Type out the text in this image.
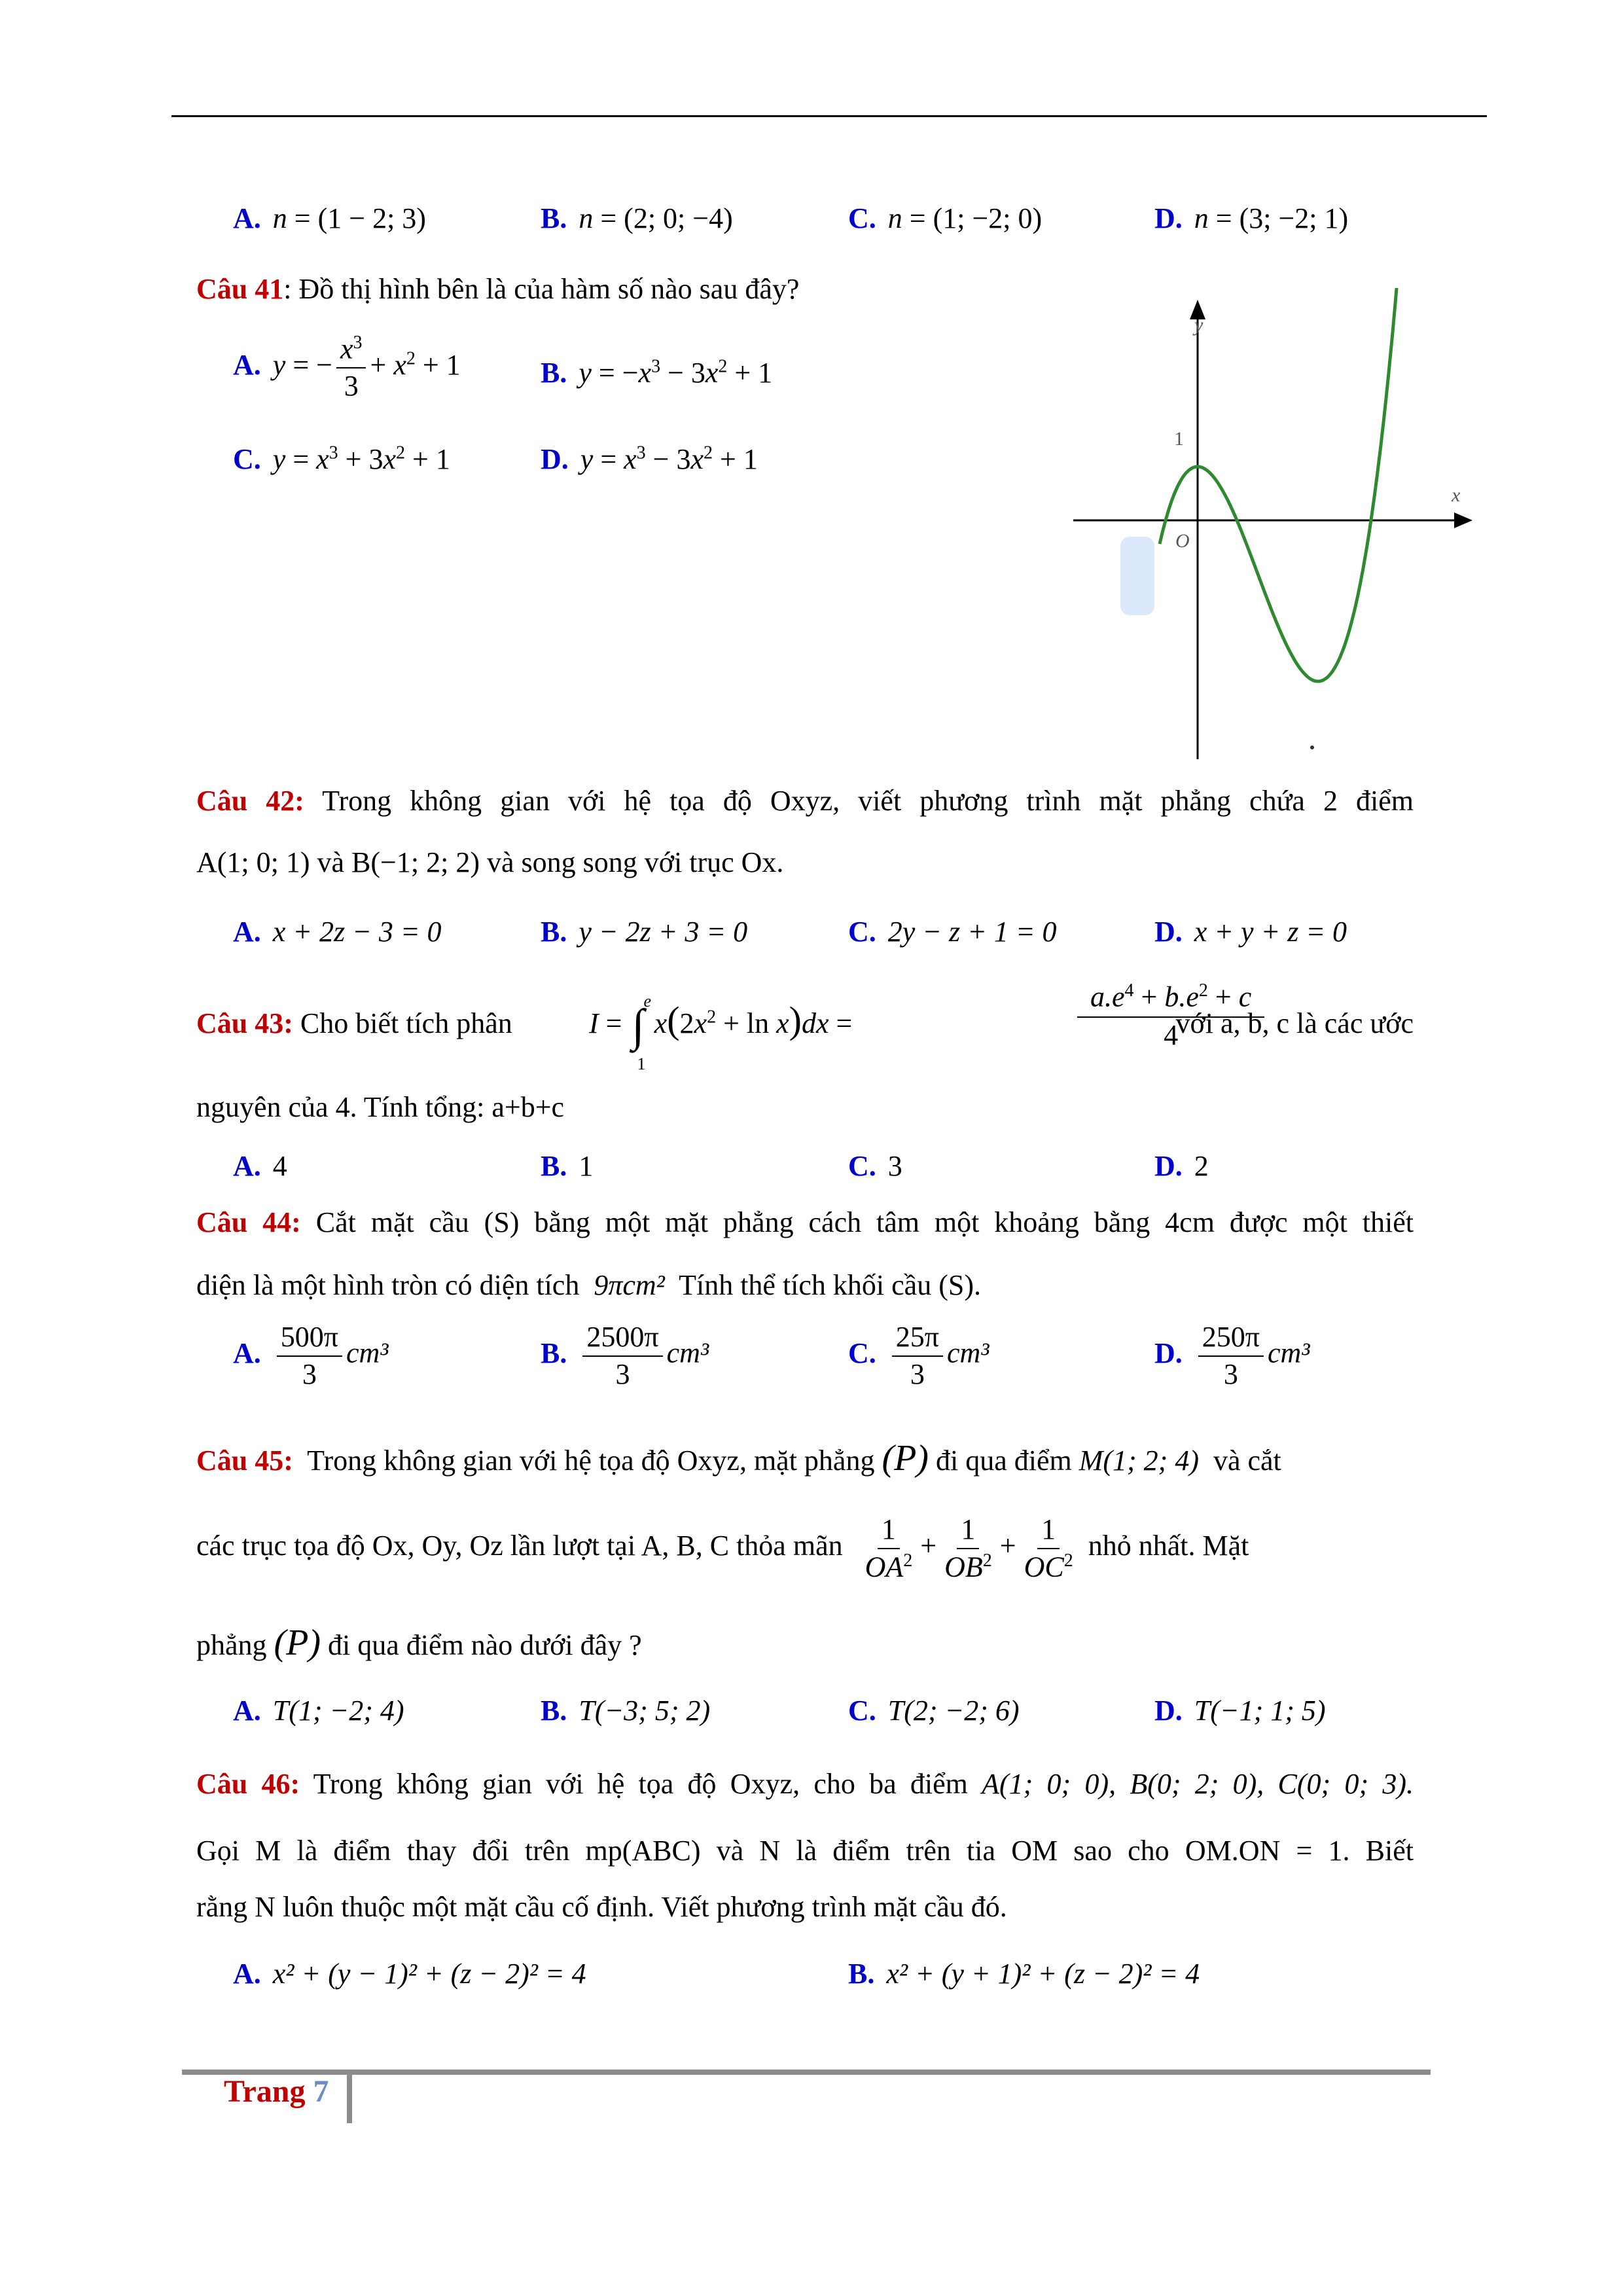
A. n = (1 − 2; 3)	B. n = (2; 0; −4)	C. n = (1; −2; 0)	D. n = (3; −2; 1)
Câu 41: Đồ thị hình bên là của hàm số nào sau đây?
A. y = − $\frac{x^3}{3} + x^2 + 1$	B. $y = -x^3 - 3x^2 + 1$
C. $y = x^3 + 3x^2 + 1$	D. $y = x^3 - 3x^2 + 1$
y
x
O
1
Câu 42: Trong không gian với hệ tọa độ Oxyz, viết phương trình mặt phẳng chứa 2 điểm
A(1; 0; 1) và B(−1; 2; 2) và song song với trục Ox.
A. x + 2z − 3 = 0	B. y − 2z + 3 = 0	C. 2y − z + 1 = 0	D. x + y + z = 0
Câu 43: Cho biết tích phân	I = ∫
e
1
$x(2x^2 + \ln x)dx$ =	$\frac{a.e^4 + b.e^2 + c}{4}$
với a, b, c là các ước
nguyên của 4. Tính tổng: a+b+c
A. 4	B. 1	C. 3	D. 2
Câu 44: Cắt mặt cầu (S) bằng một mặt phẳng cách tâm một khoảng bằng 4cm được một thiết
diện là một hình tròn có diện tích 9πcm² Tính thể tích khối cầu (S).
A. $\frac{500\pi}{3} cm^3$	B. $\frac{2500\pi}{3} cm^3$	C. $\frac{25\pi}{3} cm^3$	D. $\frac{250\pi}{3} cm^3$
Câu 45: Trong không gian với hệ tọa độ Oxyz, mặt phẳng (P) đi qua điểm M(1; 2; 4) và cắt
các trục tọa độ Ox, Oy, Oz lần lượt tại A, B, C thỏa mãn $\frac{1}{OA^2} + \frac{1}{OB^2} + \frac{1}{OC^2}$ nhỏ nhất. Mặt
phẳng (P) đi qua điểm nào dưới đây ?
A. T(1; −2; 4)	B. T(−3; 5; 2)	C. T(2; −2; 6)	D. T(−1; 1; 5)
Câu 46: Trong không gian với hệ tọa độ Oxyz, cho ba điểm A(1; 0; 0), B(0; 2; 0), C(0; 0; 3).
Gọi M là điểm thay đổi trên mp(ABC) và N là điểm trên tia OM sao cho OM.ON = 1. Biết
rằng N luôn thuộc một mặt cầu cố định. Viết phương trình mặt cầu đó.
A. x² + (y − 1)² + (z − 2)² = 4	B. x² + (y + 1)² + (z − 2)² = 4
Trang 7
